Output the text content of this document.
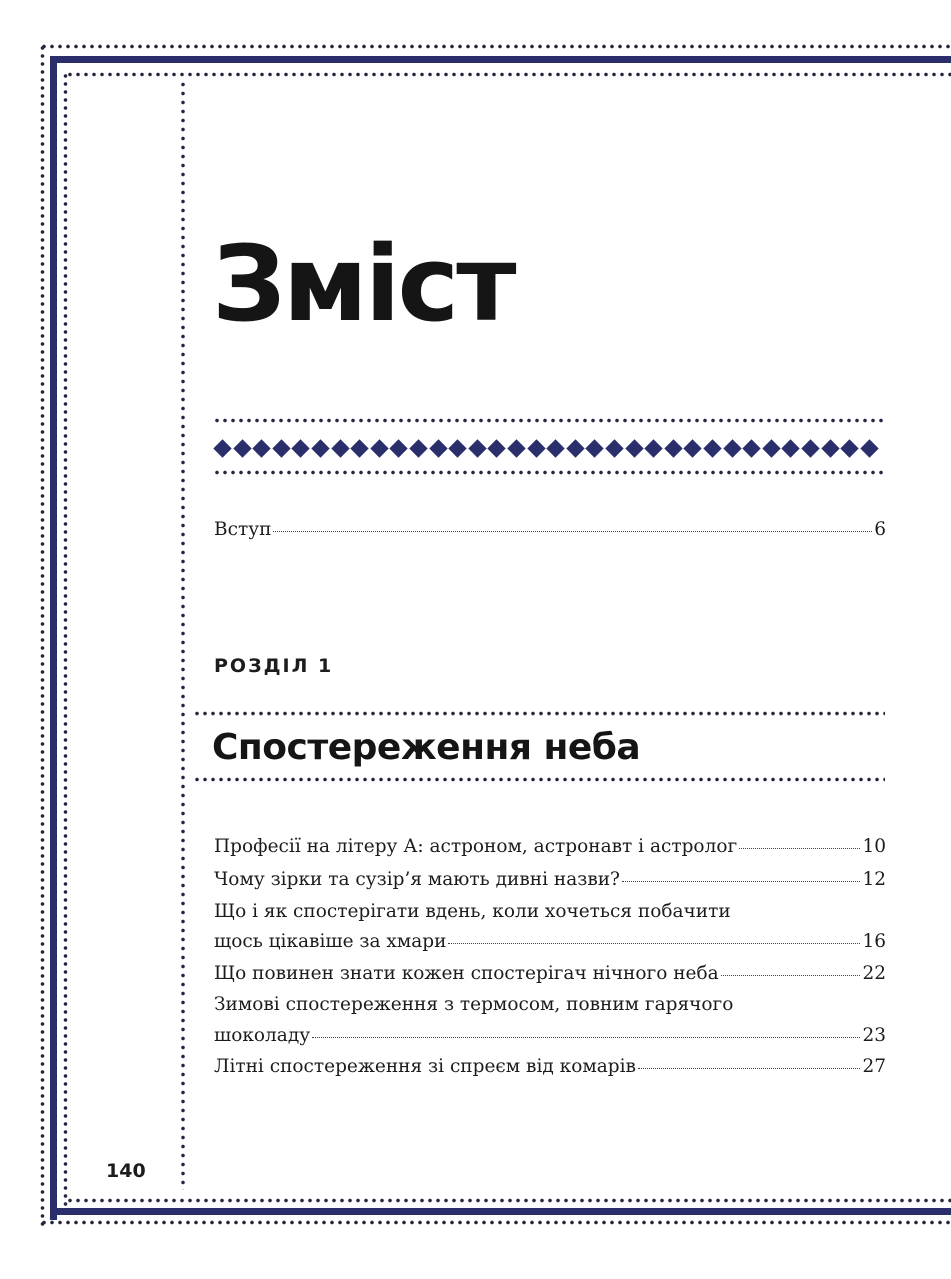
Зміст
Вступ	6
РОЗДІЛ 1
Спостереження неба
Професії на літеру А: астроном, астронавт і астролог	10
Чому зірки та сузір’я мають дивні назви?	12
Що і як спостерігати вдень, коли хочеться побачити
щось цікавіше за хмари	16
Що повинен знати кожен спостерігач нічного неба	22
Зимові спостереження з термосом, повним гарячого
шоколаду	23
Літні спостереження зі спреєм від комарів	27
140
